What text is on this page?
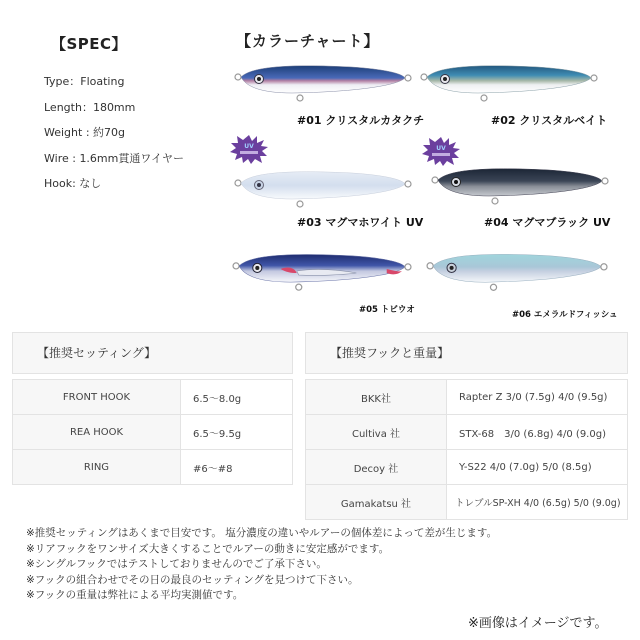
【SPEC】
Type：Floating
Length：180mm
Weight : 約70g
Wire : 1.6mm貫通ワイヤー
Hook: なし
【カラーチャート】
#01 クリスタルカタクチ	#02 クリスタルベイト
UV
#03 マグマホワイト UV
UV
#04 マグマブラック UV
#05 トビウオ	#06 エメラルドフィッシュ
【推奨セッティング】
FRONT HOOK	6.5～8.0g
REA HOOK	6.5～9.5g
RING	#6～#8
【推奨フックと重量】
BKK社	Rapter Z 3/0 (7.5g) 4/0 (9.5g)
Cultiva 社	STX-68　3/0 (6.8g) 4/0 (9.0g)
Decoy 社	Y-S22 4/0 (7.0g) 5/0 (8.5g)
Gamakatsu 社	トレブルSP-XH 4/0 (6.5g) 5/0 (9.0g)
※推奨セッティングはあくまで目安です。 塩分濃度の違いやルアーの個体差によって差が生じます。
※リアフックをワンサイズ大きくすることでルアーの動きに安定感がでます。
※シングルフックではテストしておりませんのでご了承下さい。
※フックの組合わせでその日の最良のセッティングを見つけて下さい。
※フックの重量は弊社による平均実測値です。
※画像はイメージです。
